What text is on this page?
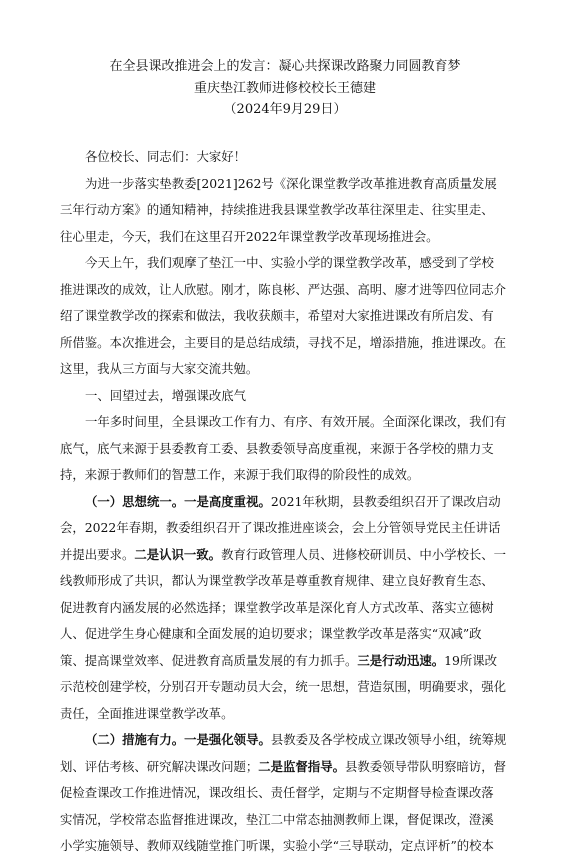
在全县课改推进会上的发言：凝心共探课改路聚力同圆教育梦
重庆垫江教师进修校校长王德建
（2024年9月29日）
各位校长、同志们：大家好！
为进一步落实垫教委[2021]262号《深化课堂教学改革推进教育高质量发展
三年行动方案》的通知精神，持续推进我县课堂教学改革往深里走、往实里走、
往心里走，今天，我们在这里召开2022年课堂教学改革现场推进会。
今天上午，我们观摩了垫江一中、实验小学的课堂教学改革，感受到了学校
推进课改的成效，让人欣慰。刚才，陈良彬、严达强、高明、廖才进等四位同志介
绍了课堂教学改的探索和做法，我收获颇丰，希望对大家推进课改有所启发、有
所借鉴。本次推进会，主要目的是总结成绩，寻找不足，增添措施，推进课改。在
这里，我从三方面与大家交流共勉。
一、回望过去，增强课改底气
一年多时间里，全县课改工作有力、有序、有效开展。全面深化课改，我们有
底气，底气来源于县委教育工委、县教委领导高度重视，来源于各学校的鼎力支
持，来源于教师们的智慧工作，来源于我们取得的阶段性的成效。
（一）思想统一。一是高度重视。2021年秋期，县教委组织召开了课改启动
会，2022年春期，教委组织召开了课改推进座谈会，会上分管领导党民主任讲话
并提出要求。二是认识一致。教育行政管理人员、进修校研训员、中小学校长、一
线教师形成了共识，都认为课堂教学改革是尊重教育规律、建立良好教育生态、
促进教育内涵发展的必然选择；课堂教学改革是深化育人方式改革、落实立德树
人、促进学生身心健康和全面发展的迫切要求；课堂教学改革是落实“双减”政
策、提高课堂效率、促进教育高质量发展的有力抓手。三是行动迅速。19所课改
示范校创建学校，分别召开专题动员大会，统一思想，营造氛围，明确要求，强化
责任，全面推进课堂教学改革。
（二）措施有力。一是强化领导。县教委及各学校成立课改领导小组，统筹规
划、评估考核、研究解决课改问题；二是监督指导。县教委领导带队明察暗访，督
促检查课改工作推进情况，课改组长、责任督学，定期与不定期督导检查课改落
实情况，学校常态监督推进课改，垫江二中常态抽测教师上课，督促课改，澄溪
小学实施领导、教师双线随堂推门听课，实验小学“三导联动，定点评析”的校本
